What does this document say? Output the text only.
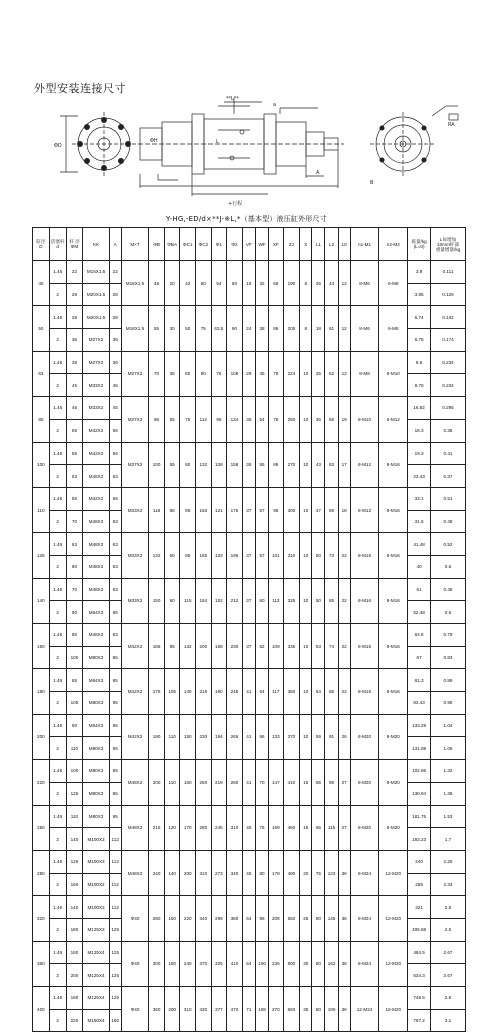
外型安装连接尺寸
ΦD
ΦH	L
A
a
+行程
**L**
RA
B
Y-HG,-ED/d×**J-※L,*（基本型）液压缸外形尺寸
缸径
D	活塞杆
d	杆 径
ΦM	KK	A	M×T	ΦB	ΦBA	ΦC1	ΦC2	Φ1	Φ2	VF	WF	XF	ZJ	X	L1	L2	L0	n1-M1	n2-M2	质量/kg
(L=0)	L每增加
10mm杆部
重量增量/kg
40	1.46	22	M16X1.5	22	M18X1.5	48	20	42	60	54	80	19	32	69	190	8	26	44	12	8-M6	6-M8	3.9	0.111

	2	28	M20X1.5	28																		3.85	0.129

50	1.46	28	M20X1.5	28	M18X1.5	55	30	50	75	63.5	90	24	38	86	205	8	18	61	12	8-M6	6-M8	6.74	0.142

	2	36	M27X2	36																		6.78	0.174

63	1.46	36	M27X2	36	M27X2	70	38	60	90	76	108	29	45	79	224	10	25	52	12	8-M8	6-M10	8.5	0.234

	2	45	M33X2	45																		9.78	0.234

80	1.46	45	M33X2	45	M27X2	86	55	75	112	95	134	36	54	78	250	10	36	58	19	8-M10	6-M12	16.82	0.295

	2	56	M42X2	56																		18.3	0.36

100	1.46	56	M42X2	56	M27X2	100	55	80	132	108	158	36	55	89	270	10	43	63	17	8-M12	8-M16	19.3	0.41

	2	63	M48X2	63																		23.43	0.37

110	1.46	56	M42X2	56	M33X2	118	68	95	150	121	175	37	57	95	300	10	47	69	18	8-M12	8-M16	33.1	0.51

	2	70	M48X3	63																		31.6	0.48

125	1.46	63	M48X3	63	M33X2	132	60	95	165	133	195	37	57	101	310	10	50	73	22	8-M16	8-M16	41.48	0.52

	2	80	M48X3	63																		40	0.6

140	1.46	70	M48X2	63	M33X2	150	60	115	184	152	212	37	60	113	325	10	50	85	22	8-M16	8-M16	51	0.48

	2	90	M64X3	85																		52.48	0.6

160	1.46	80	M48X2	63	M42X2	165	95	132	200	168	230	37	62	109	335	10	53	74	22	8-M16	8-M16	64.8	0.79

	2	100	M80X3	95																		67	0.83

180	1.46	85	M64X3	85	M42X2	175	105	140	215	180	245	41	64	117	350	10	54	85	22	8-M16	8-M16	81.3	0.89

	2	105	M80X3	95																		83.43	0.95

200	1.46	90	M64X3	85	M42X2	190	110	150	230	194	265	41	66	133	370	10	59	91	26	8-M20	8-M20	133.29	1.04

	2	110	M80X3	95																		131.69	1.05

220	1.46	100	M80X3	95	M48X2	200	110	160	250	219	280	41	70	147	410	15	65	98	27	8-M20	8-M20	102.66	1.32

	2	125	M80X3	95																		130.94	1.36

250	1.46	110	M80X3	95	M48X2	215	120	170	280	245	310	45	75	169	450	15	65	115	27	8-M20	8-M20	181.75	1.53

	2	140	M100X3	112																		183.23	1.7

280	1.46	125	M100X3	112	M48X2	240	140	200	310	273	340	45	80	178	490	20	75	123	36	8-M24	12-M20	240	2.25

	2	160	M100X2	112																		259	2.33

320	1.46	140	M100X3	112	Φ40	280	160	220	340	299	380	64	96	208	550	25	80	145	36	8-M24	12-M20	321	2.5

	2	180	M125X3	125																		405.58	2.5

360	1.46	160	M125X4	125	Φ40	300	180	240	370	325	410	64	100	236	600	30	80	162	36	8-M24	12-M20	484.5	2.67

	2	200	M125X4	125																		534.3	2.67

400	1.46	180	M125X4	125	Φ40	360	200	310	430	377	470	71	108	270	660	35	80	190	36	12-M24	16-M20	745.5	2.8

	2	220	M160X4	160																		797.2	3.1
